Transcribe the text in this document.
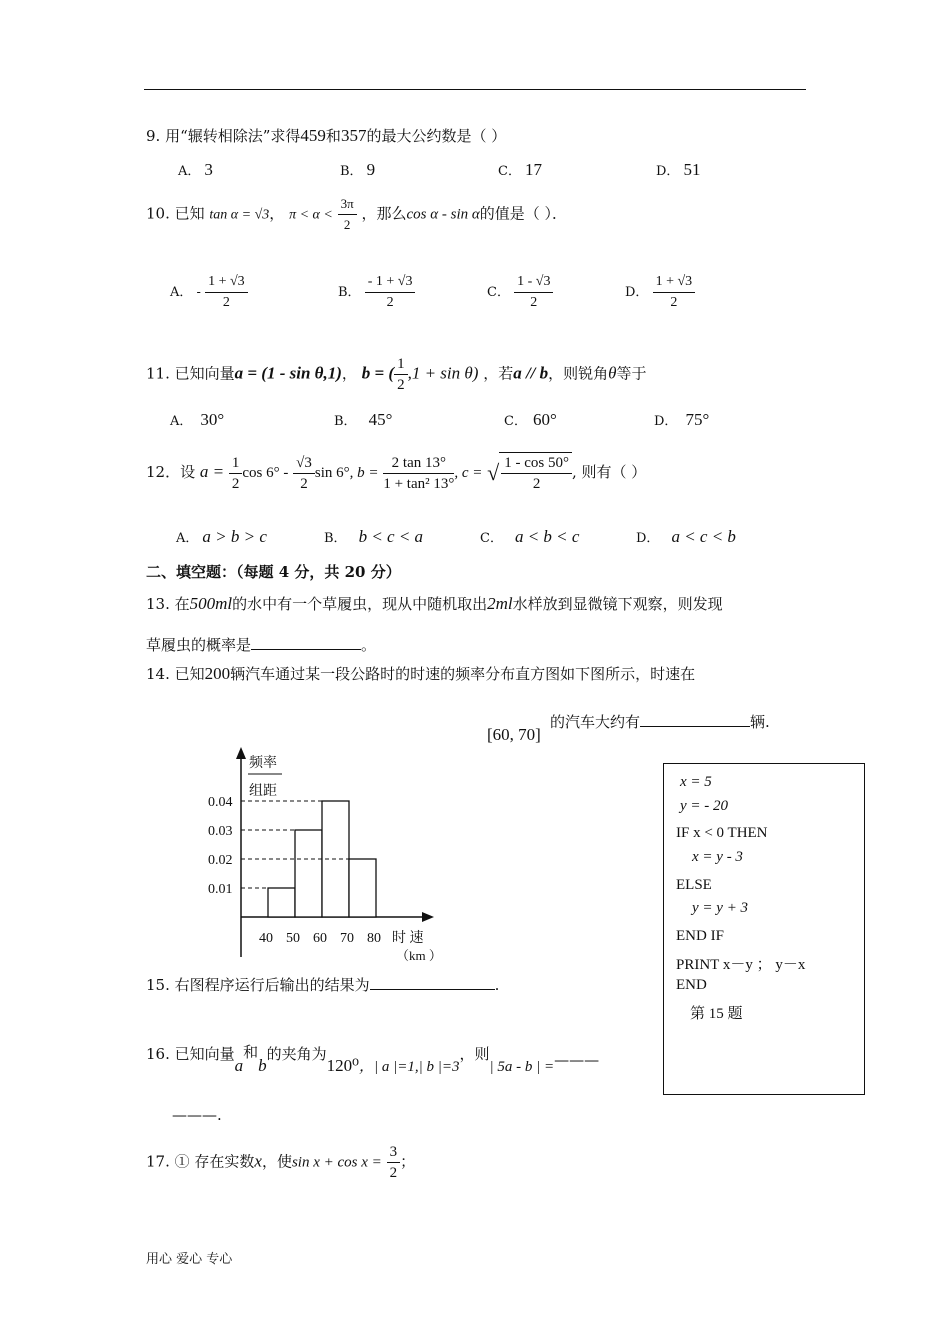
9. 用“辗转相除法”求得459和357的最大公约数是（ ）
A． 3	B． 9	C． 17	D． 51
10. 已知 tan α = √3， $\pi < \alpha < \frac{3\pi}{2}$ ，那么cos α - sin α的值是（ ）．
A． - $\frac{1 + √3}{2}$	B． $\frac{- 1 + √3}{2}$	C． $\frac{1 - √3}{2}$	D． $\frac{1 + √3}{2}$
11. 已知向量a = (1 - sin θ,1)， b = ( $\frac{1}{2} ,1 + \sin \theta$) ，若a // b，则锐角θ等于
A． 30°	B． 45°	C． 60°	D． 75°
12．设 $a = \frac{1}{2}$ $\cos 6^\circ - \frac{√3}{2}$ sin 6°, $b = \frac{2 \tan 13^\circ}{\text{1 + tan² 13°}}$ , c = √ $\frac{1 - \cos 50^\circ}{2}$ , 则有（ ）
A． a > b > c	B． b < c < a	C． a < b < c	D． a < c < b
二、填空题：（每题 4 分，共 20 分）
13. 在500ml的水中有一个草履虫，现从中随机取出2ml水样放到显微镜下观察，则发现
草履虫的概率是	。
14. 已知200辆汽车通过某一段公路时的时速的频率分布直方图如下图所示，时速在
[60, 70]
的汽车大约有	辆.
频率
组距
0.01
0.02
0.03
0.04
40 50 60 70 80 时 速
（km ）
x = 5
y = - 20
IF x < 0 THEN
x = y - 3
ELSE
y = y + 3
END IF
PRINT x－y ； y－x
END
第 15 题
15. 右图程序运行后输出的结果为	.
16. 已知向量a和b的夹角为120⁰，| a |=1,| b |=3，则| 5a - b | =———
———.
17. ① 存在实数x，使$\sin x + \cos x = \frac{3}{2}$ ；
用心 爱心 专心
